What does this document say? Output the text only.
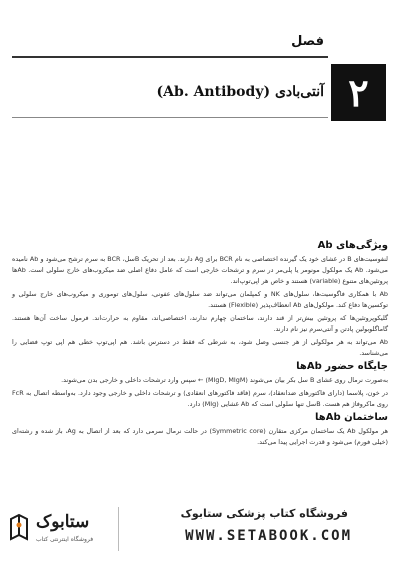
فصل
۲
آنتی‌بادی (Ab. Antibody)
ویژگی‌های Ab

لنفوسیت‌های B در غشای خود یک گیرنده اختصاصی به نام BCR برای Ag دارند. بعد از تحریک Bسل، BCR به سرم ترشح می‌شود و Ab نامیده می‌شود. Ab یک مولکول مونومر یا پلی‌مر در سرم و ترشحات خارجی است که عامل دفاع اصلی ضد میکروب‌های خارج سلولی است. Abها پروتئین‌های متنوع (variable) هستند و خاص هر اپی‌توپ‌اند.

Ab با همکاری فاگوسیت‌ها، سلول‌های NK و کمپلمان می‌تواند ضد سلول‌های عفونی، سلول‌های توموری و میکروب‌های خارج سلولی و توکسین‌ها دفاع کند. مولکول‌های Ab انعطاف‌پذیر (Flexible) هستند.

گلیکوپروتئین‌ها که پروتئین بیش‌تر از قند دارند، ساختمان چهارم ندارند، اختصاصی‌اند، مقاوم به حرارت‌اند. فرمول ساخت آن‌ها هستند. گاماگلوبولین پادتن و آنتی‌سرم نیز نام دارند.

Ab می‌تواند به هر مولکولی از هر جنسی وصل شود، به شرطی که فقط در دسترس باشد. هم اپی‌توپ خطی هم اپی توپ فضایی را می‌شناسد.

جایگاه حضور Abها

به‌صورت نرمال روی غشای B سل بکر بیان می‌شوند (MIgD, MIgM) ← سپس وارد ترشحات داخلی و خارجی بدن می‌شوند.

در خون، پلاسما (دارای فاکتورهای ضدانعقاد)، سرم (فاقد فاکتورهای انعقادی) و ترشحات داخلی و خارجی وجود دارد. به‌واسطه اتصال به FcR روی ماکروفاژ هم هست. Bسل تنها سلولی است که Ab غشایی (MIg) دارد.

ساختمان Abها

هر مولکول Ab یک ساختمان مرکزی متقارن (Symmetric core) در حالت نرمال سرمی دارد که بعد از اتصال به Ag، باز شده و رشته‌ای (خیلی فورم) می‌شود و قدرت اجرایی پیدا می‌کند.

ستابوک
فروشگاه اینترنتی کتاب
فروشگاه کتاب پزشکی ستابوک
WWW.SETABOOK.COM
